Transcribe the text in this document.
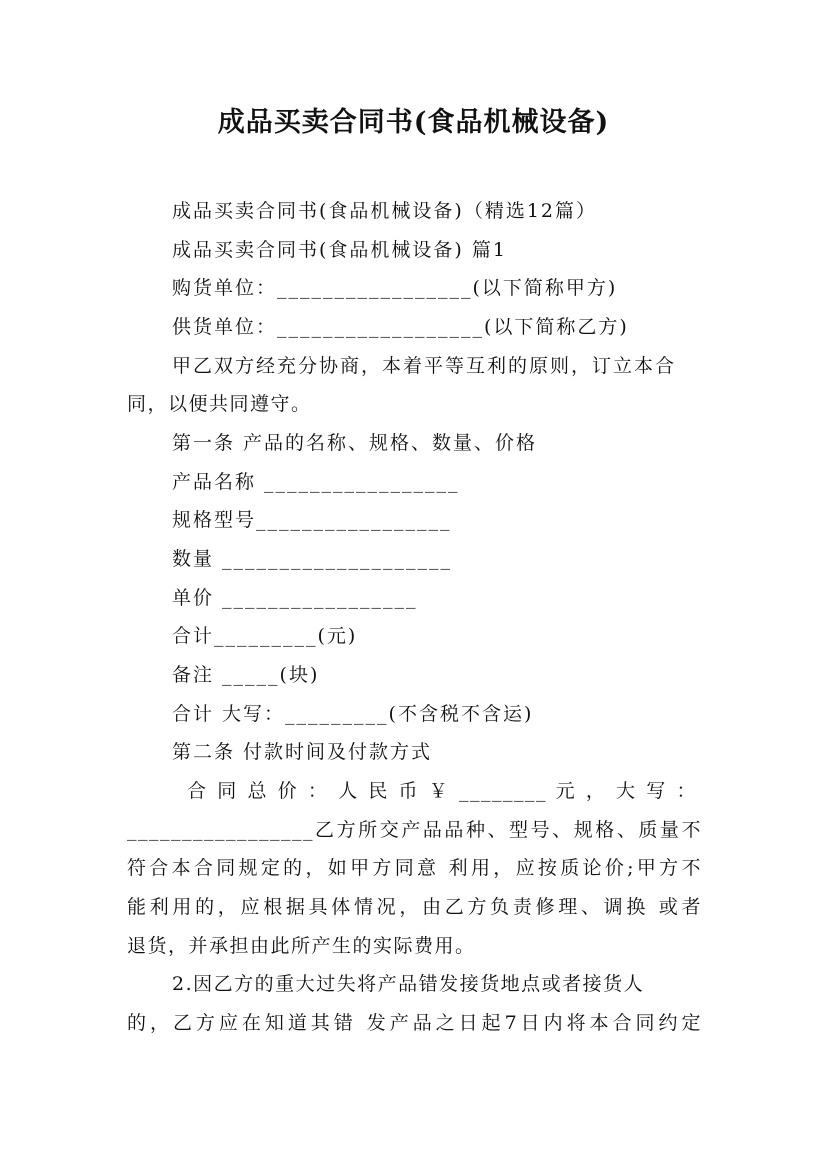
成品买卖合同书(食品机械设备)
成品买卖合同书(食品机械设备)（精选12篇）
成品买卖合同书(食品机械设备) 篇1
购货单位：_________________(以下简称甲方)
供货单位：__________________(以下简称乙方)
甲乙双方经充分协商，本着平等互利的原则，订立本合
同，以便共同遵守。
第一条 产品的名称、规格、数量、价格
产品名称 _________________
规格型号_________________
数量 ____________________
单价 _________________
合计_________(元)
备注 _____(块)
合计 大写：_________(不含税不含运)
第二条 付款时间及付款方式
合 同 总 价 ： 人 民 币 ￥ ________ 元 ， 大 写 ：
_________________乙方所交产品品种、型号、规格、质量不
符合本合同规定的，如甲方同意 利用，应按质论价;甲方不
能利用的，应根据具体情况，由乙方负责修理、调换 或者
退货，并承担由此所产生的实际费用。
2.因乙方的重大过失将产品错发接货地点或者接货人
的，乙方应在知道其错 发产品之日起7日内将本合同约定
